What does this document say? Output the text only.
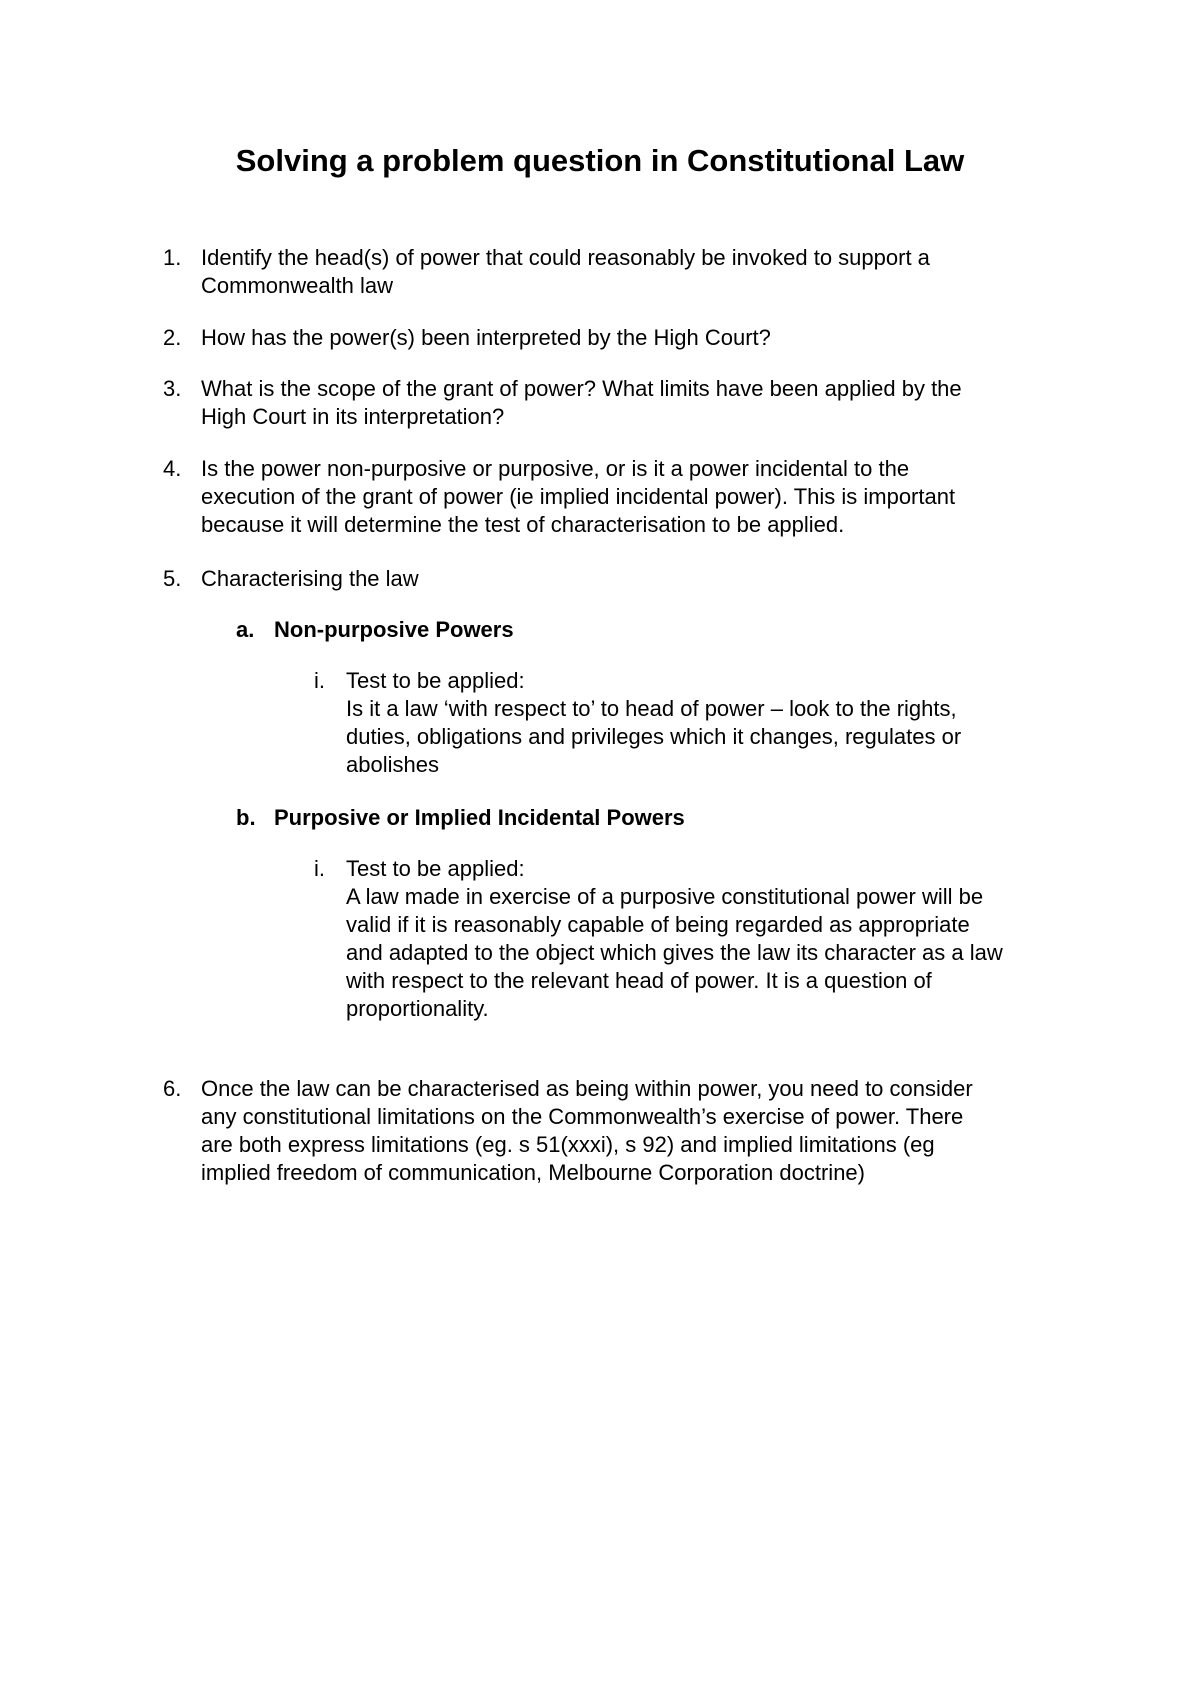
Solving a problem question in Constitutional Law
1. Identify the head(s) of power that could reasonably be invoked to support a
Commonwealth law
2. How has the power(s) been interpreted by the High Court?
3. What is the scope of the grant of power? What limits have been applied by the
High Court in its interpretation?
4. Is the power non-purposive or purposive, or is it a power incidental to the
execution of the grant of power (ie implied incidental power). This is important
because it will determine the test of characterisation to be applied.
5. Characterising the law
a. Non-purposive Powers
i. Test to be applied:
Is it a law ‘with respect to’ to head of power – look to the rights,
duties, obligations and privileges which it changes, regulates or
abolishes
b. Purposive or Implied Incidental Powers
i. Test to be applied:
A law made in exercise of a purposive constitutional power will be
valid if it is reasonably capable of being regarded as appropriate
and adapted to the object which gives the law its character as a law
with respect to the relevant head of power. It is a question of
proportionality.
6. Once the law can be characterised as being within power, you need to consider
any constitutional limitations on the Commonwealth’s exercise of power. There
are both express limitations (eg. s 51(xxxi), s 92) and implied limitations (eg
implied freedom of communication, Melbourne Corporation doctrine)
